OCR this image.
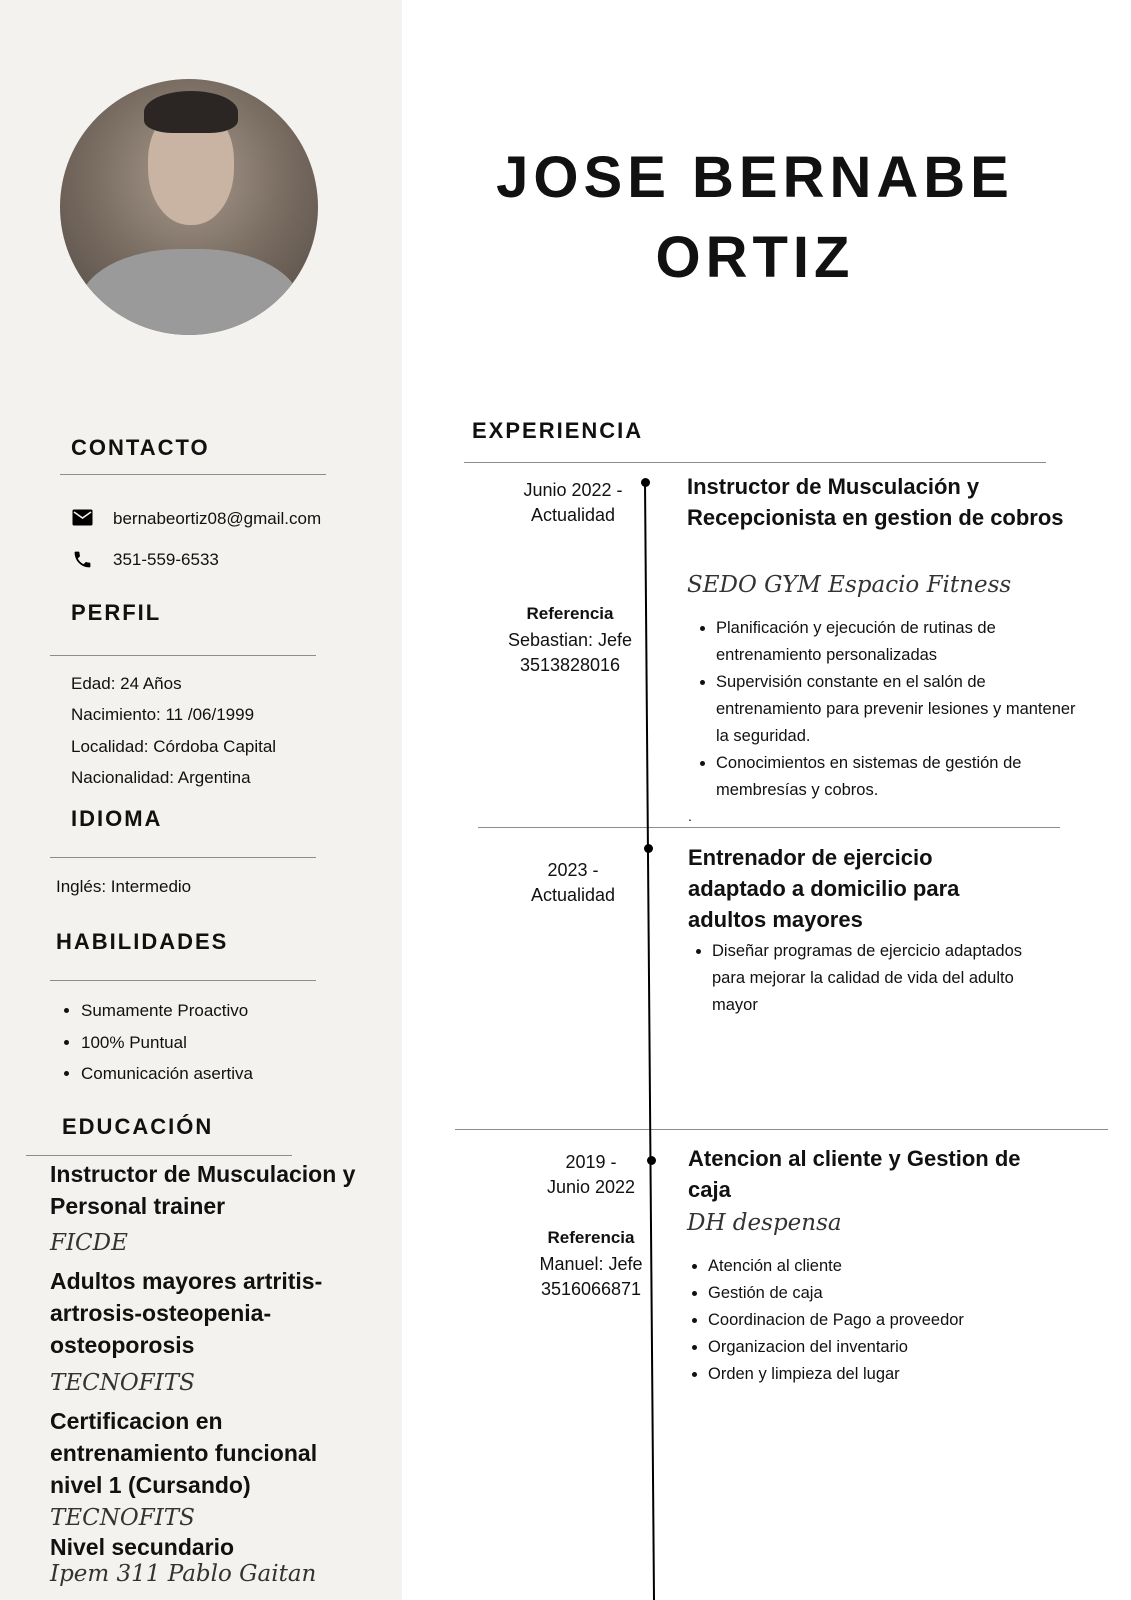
CONTACTO
bernabeortiz08@gmail.com
351-559-6533
PERFIL
Edad: 24 Años
Nacimiento: 11 /06/1999
Localidad: Córdoba Capital
Nacionalidad: Argentina
IDIOMA
Inglés: Intermedio
HABILIDADES
• Sumamente Proactivo
• 100% Puntual
• Comunicación asertiva
EDUCACIÓN
Instructor de Musculacion y Personal trainer
FICDE
Adultos mayores artritis-artrosis-osteopenia-osteoporosis
TECNOFITS
Certificacion en entrenamiento funcional nivel 1 (Cursando)
TECNOFITS
Nivel secundario
Ipem 311 Pablo Gaitan
JOSE BERNABE
ORTIZ
EXPERIENCIA
Junio 2022 -
Actualidad
Referencia
Sebastian: Jefe
3513828016
Instructor de Musculación y Recepcionista en gestion de cobros
SEDO GYM Espacio Fitness
• Planificación y ejecución de rutinas de entrenamiento personalizadas
• Supervisión constante en el salón de entrenamiento para prevenir lesiones y mantener la seguridad.
• Conocimientos en sistemas de gestión de membresías y cobros.
.
2023 -
Actualidad
Entrenador de ejercicio adaptado a domicilio para adultos mayores
• Diseñar programas de ejercicio adaptados para mejorar la calidad de vida del adulto mayor
2019 -
Junio 2022
Referencia
Manuel: Jefe
3516066871
Atencion al cliente y Gestion de caja
DH despensa
• Atención al cliente
• Gestión de caja
• Coordinacion de Pago a proveedor
• Organizacion del inventario
• Orden y limpieza del lugar
